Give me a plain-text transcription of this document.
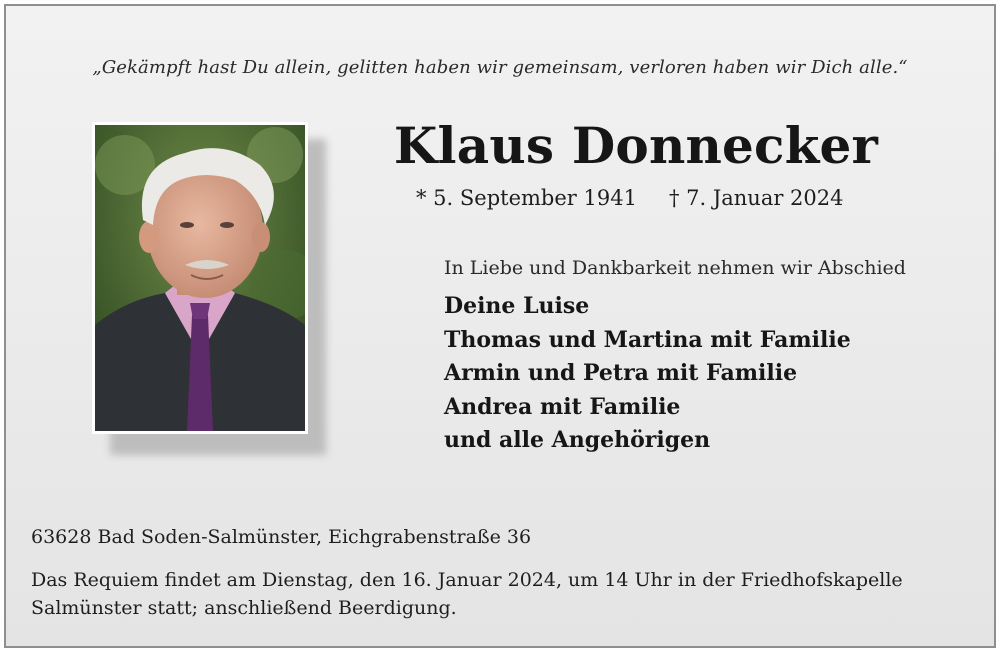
„Gekämpft hast Du allein, gelitten haben wir gemeinsam, verloren haben wir Dich alle.“
Klaus Donnecker
* 5. September 1941 † 7. Januar 2024
In Liebe und Dankbarkeit nehmen wir Abschied
Deine Luise
Thomas und Martina mit Familie
Armin und Petra mit Familie
Andrea mit Familie
und alle Angehörigen
63628 Bad Soden-Salmünster, Eichgrabenstraße 36
Das Requiem findet am Dienstag, den 16. Januar 2024, um 14 Uhr in der Friedhofskapelle Salmünster statt; anschließend Beerdigung.
